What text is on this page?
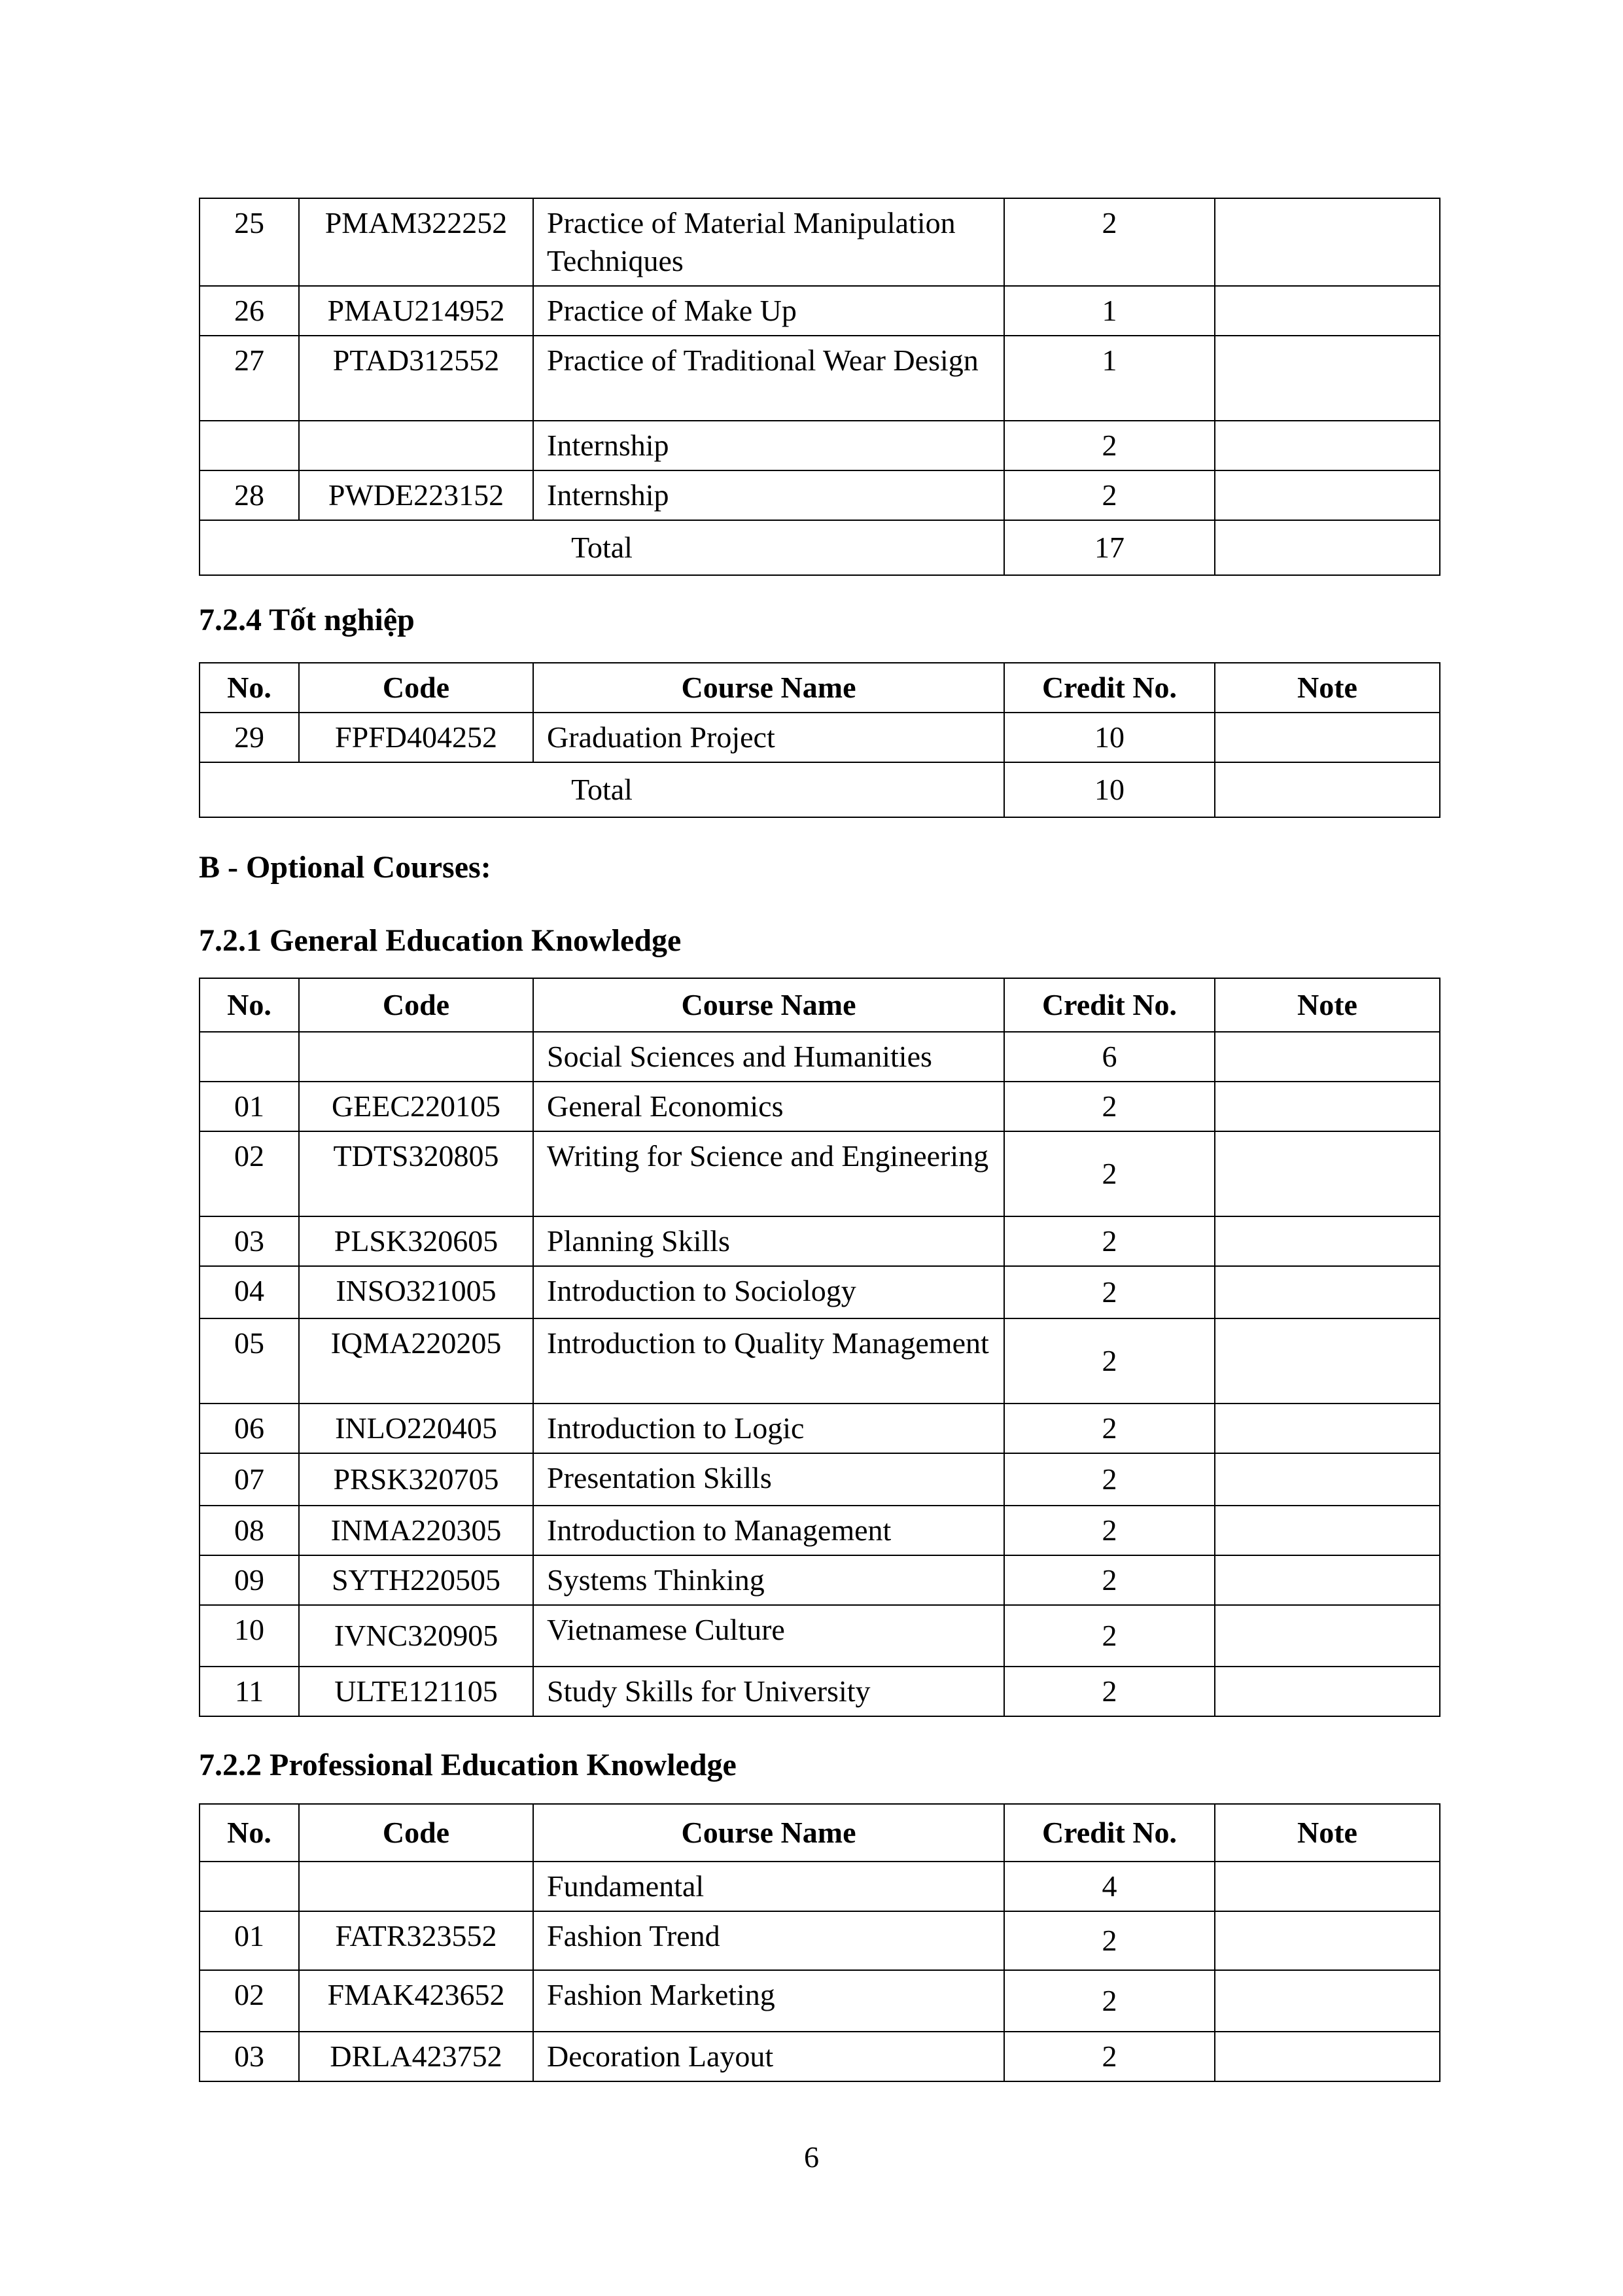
25	PMAM322252	Practice of Material Manipulation Techniques	2	
26	PMAU214952	Practice of Make Up	1	
27	PTAD312552	Practice of Traditional Wear Design	1	
		Internship	2	
28	PWDE223152	Internship	2	
Total			17	
7.2.4 Tốt nghiệp
No.	Code	Course Name	Credit No.	Note
29	FPFD404252	Graduation Project	10	
Total			10	
B - Optional Courses:
7.2.1 General Education Knowledge
No.	Code	Course Name	Credit No.	Note
		Social Sciences and Humanities	6	
01	GEEC220105	General Economics	2	
02	TDTS320805	Writing for Science and Engineering	2	
03	PLSK320605	Planning Skills	2	
04	INSO321005	Introduction to Sociology	2	
05	IQMA220205	Introduction to Quality Management	2	
06	INLO220405	Introduction to Logic	2	
07	PRSK320705	Presentation Skills	2	
08	INMA220305	Introduction to Management	2	
09	SYTH220505	Systems Thinking	2	
10	IVNC320905	Vietnamese Culture	2	
11	ULTE121105	Study Skills for University	2	
7.2.2 Professional Education Knowledge
No.	Code	Course Name	Credit No.	Note
		Fundamental	4	
01	FATR323552	Fashion Trend	2	
02	FMAK423652	Fashion Marketing	2	
03	DRLA423752	Decoration Layout	2	
6
